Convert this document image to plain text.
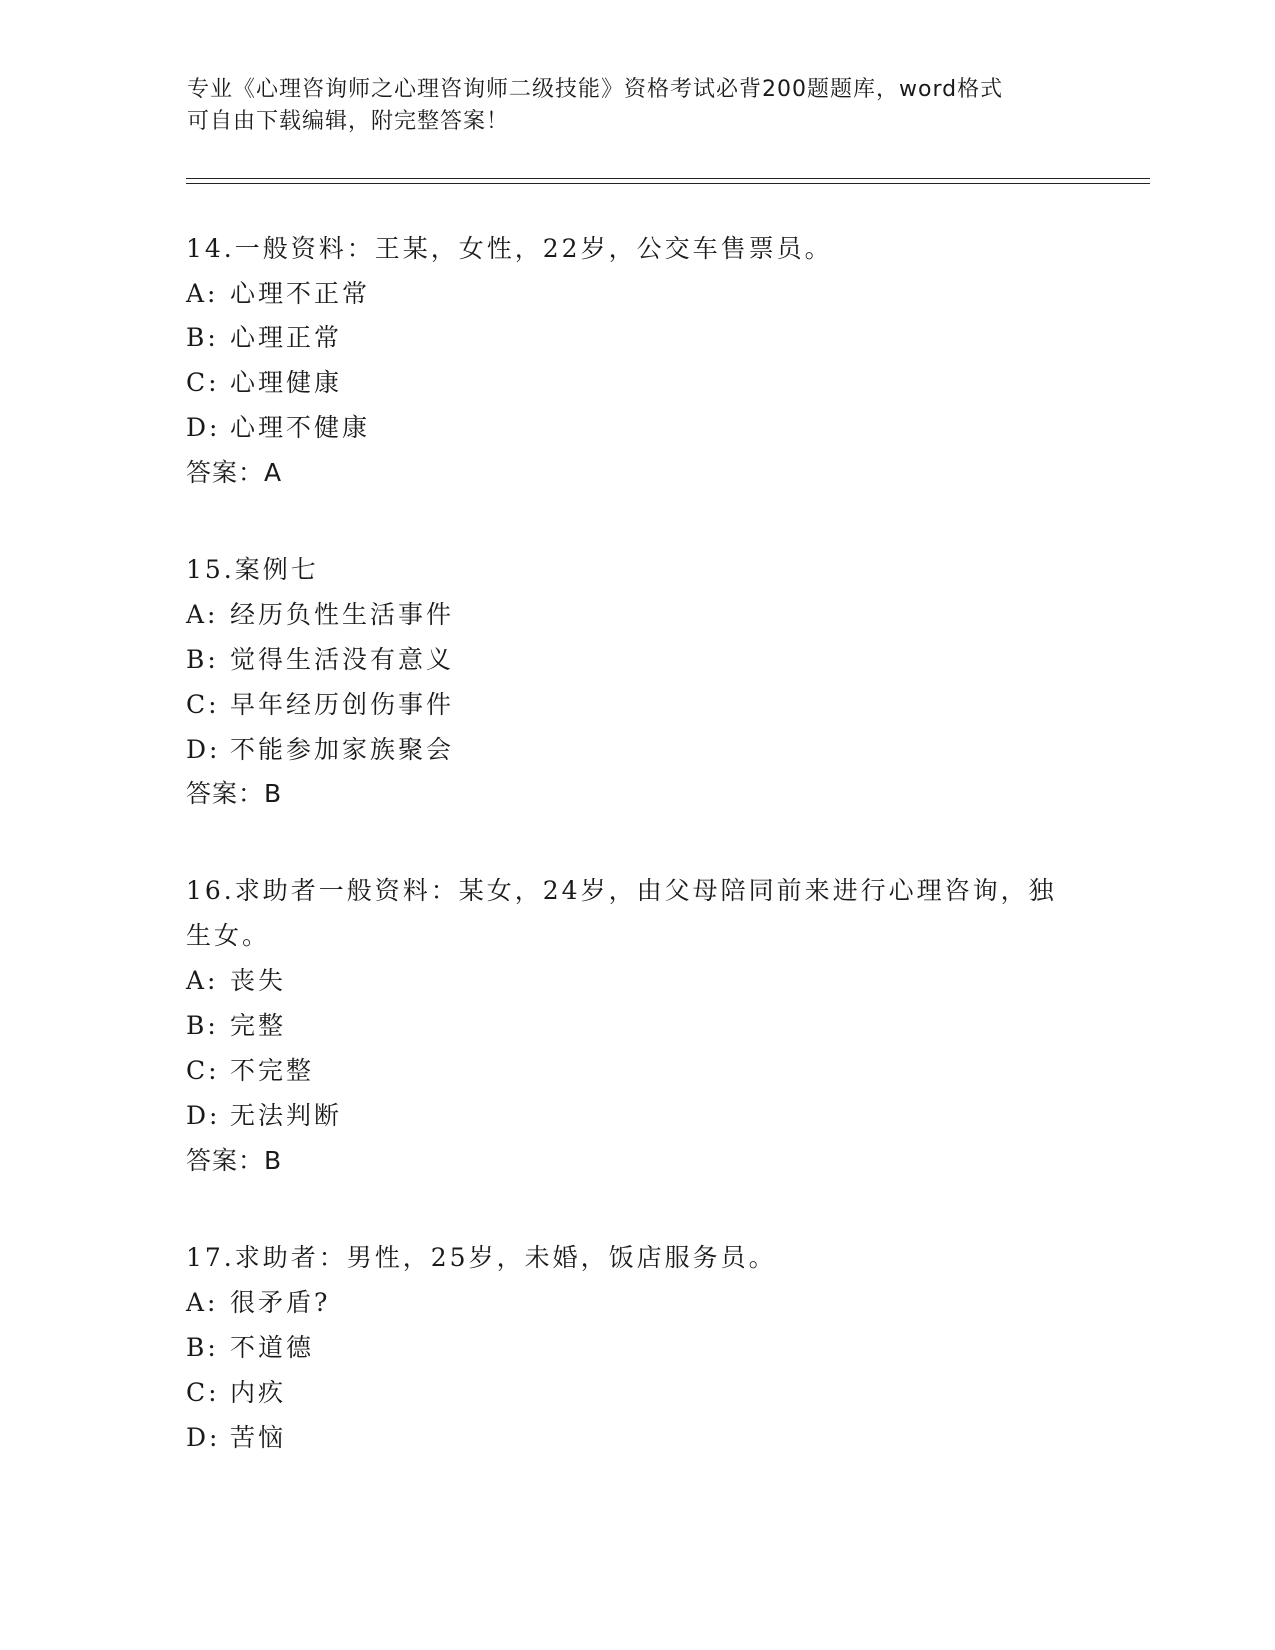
专业《心理咨询师之心理咨询师二级技能》资格考试必背200题题库，word格式
可自由下载编辑，附完整答案！
14.一般资料：王某，女性，22岁，公交车售票员。
A: 心理不正常
B: 心理正常
C: 心理健康
D: 心理不健康
答案：A
15.案例七
A: 经历负性生活事件
B: 觉得生活没有意义
C: 早年经历创伤事件
D: 不能参加家族聚会
答案：B
16.求助者一般资料：某女，24岁，由父母陪同前来进行心理咨询，独
生女。
A: 丧失
B: 完整
C: 不完整
D: 无法判断
答案：B
17.求助者：男性，25岁，未婚，饭店服务员。
A: 很矛盾?
B: 不道德
C: 内疚
D: 苦恼
